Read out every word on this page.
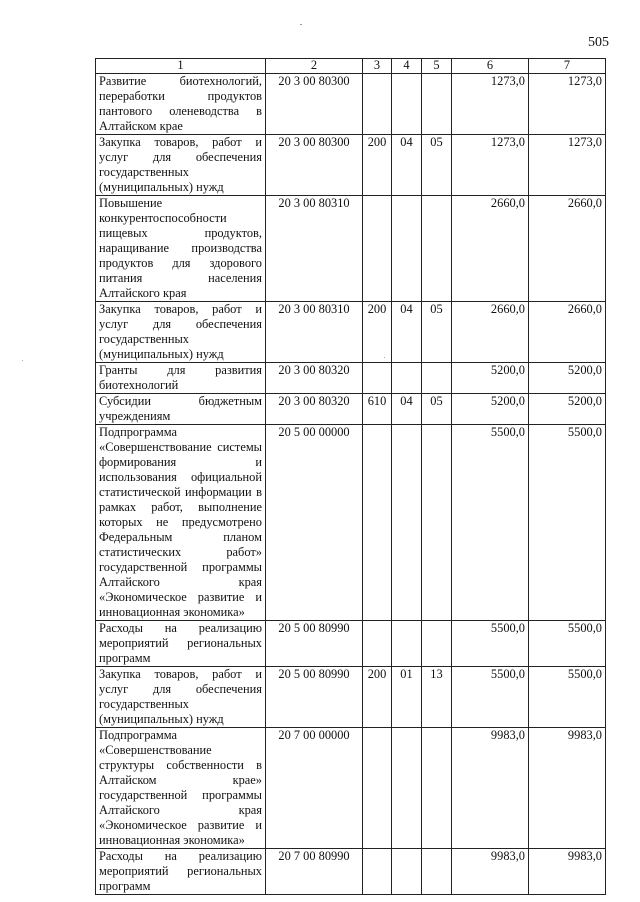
505
1	2	3	4	5	6	7
Развитие биотехнологий, переработки продуктов пантового оленеводства в Алтайском крае	20 3 00 80300				1273,0	1273,0
Закупка товаров, работ и услуг для обеспечения государственных (муниципальных) нужд	20 3 00 80300	200	04	05	1273,0	1273,0
Повышение конкурентоспособности пищевых продуктов, наращивание производства продуктов для здорового питания населения Алтайского края	20 3 00 80310				2660,0	2660,0
Закупка товаров, работ и услуг для обеспечения государственных (муниципальных) нужд	20 3 00 80310	200	04	05	2660,0	2660,0
Гранты для развития биотехнологий	20 3 00 80320				5200,0	5200,0
Субсидии бюджетным учреждениям	20 3 00 80320	610	04	05	5200,0	5200,0
Подпрограмма «Совершенствование системы формирования и использования официальной статистической информации в рамках работ, выполнение которых не предусмотрено Федеральным планом статистических работ» государственной программы Алтайского края «Экономическое развитие и инновационная экономика»	20 5 00 00000				5500,0	5500,0
Расходы на реализацию мероприятий региональных программ	20 5 00 80990				5500,0	5500,0
Закупка товаров, работ и услуг для обеспечения государственных (муниципальных) нужд	20 5 00 80990	200	01	13	5500,0	5500,0
Подпрограмма «Совершенствование структуры собственности в Алтайском крае» государственной программы Алтайского края «Экономическое развитие и инновационная экономика»	20 7 00 00000				9983,0	9983,0
Расходы на реализацию мероприятий региональных программ	20 7 00 80990				9983,0	9983,0
